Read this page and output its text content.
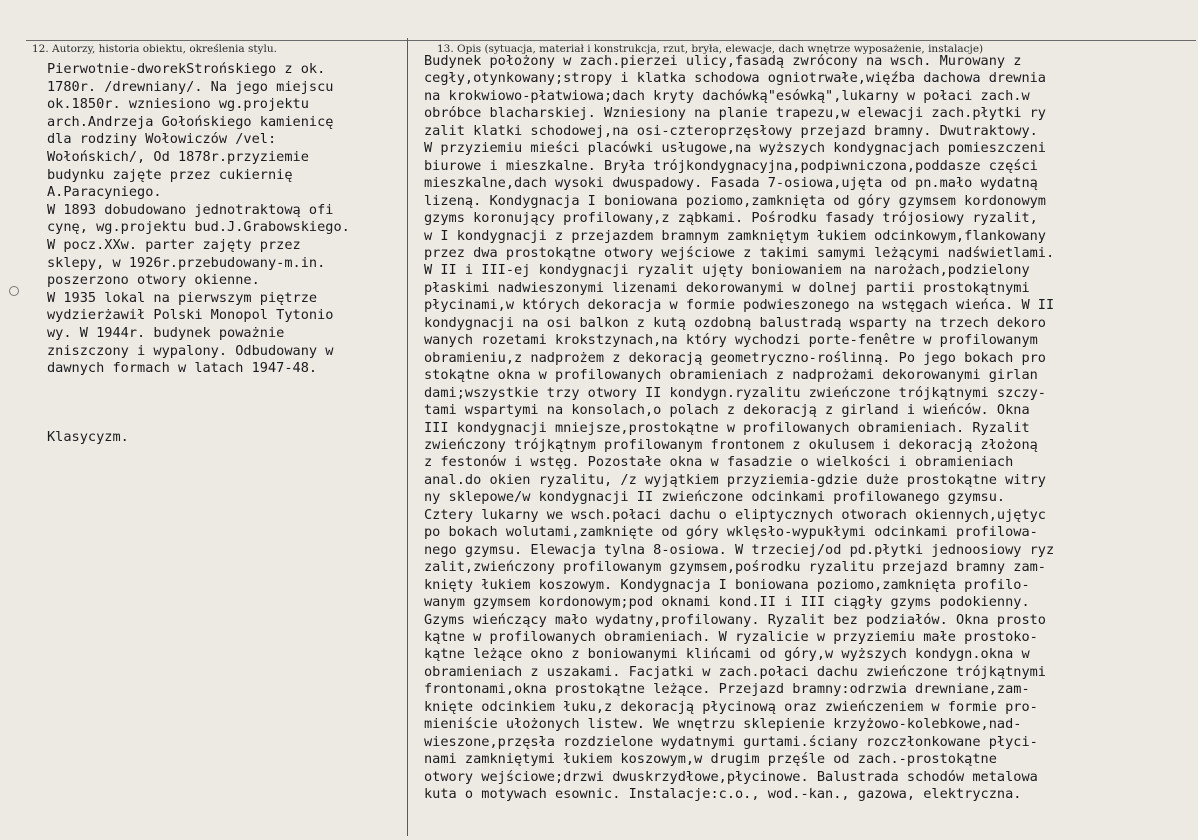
12. Autorzy, historia obiektu, określenia stylu.	13. Opis (sytuacja, materiał i konstrukcja, rzut, bryła, elewacje, dach wnętrze wyposażenie, instalacje)
Pierwotnie-dworekStrońskiego z ok.
1780r. /drewniany/. Na jego miejscu
ok.1850r. wzniesiono wg.projektu
arch.Andrzeja Gołońskiego kamienicę
dla rodziny Wołowiczów /vel:
Wołońskich/, Od 1878r.przyziemie
budynku zajęte przez cukiernię
A.Paracyniego.
W 1893 dobudowano jednotraktową ofi
cynę, wg.projektu bud.J.Grabowskiego.
W pocz.XXw. parter zajęty przez
sklepy, w 1926r.przebudowany-m.in.
poszerzono otwory okienne.
W 1935 lokal na pierwszym piętrze
wydzierżawił Polski Monopol Tytonio
wy. W 1944r. budynek poważnie
zniszczony i wypalony. Odbudowany w
dawnych formach w latach 1947-48.
Klasycyzm.
Budynek położony w zach.pierzei ulicy,fasadą zwrócony na wsch. Murowany z
cegły,otynkowany;stropy i klatka schodowa ogniotrwałe,więźba dachowa drewnia
na krokwiowo-płatwiowa;dach kryty dachówką"esówką",lukarny w połaci zach.w
obróbce blacharskiej. Wzniesiony na planie trapezu,w elewacji zach.płytki ry
zalit klatki schodowej,na osi-czteroprzęsłowy przejazd bramny. Dwutraktowy.
W przyziemiu mieści placówki usługowe,na wyższych kondygnacjach pomieszczeni
biurowe i mieszkalne. Bryła trójkondygnacyjna,podpiwniczona,poddasze części
mieszkalne,dach wysoki dwuspadowy. Fasada 7-osiowa,ujęta od pn.mało wydatną
lizeną. Kondygnacja I boniowana poziomo,zamknięta od góry gzymsem kordonowym
gzyms koronujący profilowany,z ząbkami. Pośrodku fasady trójosiowy ryzalit,
w I kondygnacji z przejazdem bramnym zamkniętym łukiem odcinkowym,flankowany
przez dwa prostokątne otwory wejściowe z takimi samymi leżącymi nadświetlami.
W II i III-ej kondygnacji ryzalit ujęty boniowaniem na narożach,podzielony
płaskimi nadwieszonymi lizenami dekorowanymi w dolnej partii prostokątnymi
płycinami,w których dekoracja w formie podwieszonego na wstęgach wieńca. W II
kondygnacji na osi balkon z kutą ozdobną balustradą wsparty na trzech dekoro
wanych rozetami krokstzynach,na który wychodzi porte-fenêtre w profilowanym
obramieniu,z nadprożem z dekoracją geometryczno-roślinną. Po jego bokach pro
stokątne okna w profilowanych obramieniach z nadprożami dekorowanymi girlan
dami;wszystkie trzy otwory II kondygn.ryzalitu zwieńczone trójkątnymi szczy-
tami wspartymi na konsolach,o polach z dekoracją z girland i wieńców. Okna
III kondygnacji mniejsze,prostokątne w profilowanych obramieniach. Ryzalit
zwieńczony trójkątnym profilowanym frontonem z okulusem i dekoracją złożoną
z festonów i wstęg. Pozostałe okna w fasadzie o wielkości i obramieniach
anal.do okien ryzalitu, /z wyjątkiem przyziemia-gdzie duże prostokątne witry
ny sklepowe/w kondygnacji II zwieńczone odcinkami profilowanego gzymsu.
Cztery lukarny we wsch.połaci dachu o eliptycznych otworach okiennych,ujętyc
po bokach wolutami,zamknięte od góry wklęsło-wypukłymi odcinkami profilowa-
nego gzymsu. Elewacja tylna 8-osiowa. W trzeciej/od pd.płytki jednoosiowy ryz
zalit,zwieńczony profilowanym gzymsem,pośrodku ryzalitu przejazd bramny zam-
knięty łukiem koszowym. Kondygnacja I boniowana poziomo,zamknięta profilo-
wanym gzymsem kordonowym;pod oknami kond.II i III ciągły gzyms podokienny.
Gzyms wieńczący mało wydatny,profilowany. Ryzalit bez podziałów. Okna prosto
kątne w profilowanych obramieniach. W ryzalicie w przyziemiu małe prostoko-
kątne leżące okno z boniowanymi klińcami od góry,w wyższych kondygn.okna w
obramieniach z uszakami. Facjatki w zach.połaci dachu zwieńczone trójkątnymi
frontonami,okna prostokątne leżące. Przejazd bramny:odrzwia drewniane,zam-
knięte odcinkiem łuku,z dekoracją płycinową oraz zwieńczeniem w formie pro-
mieniście ułożonych listew. We wnętrzu sklepienie krzyżowo-kolebkowe,nad-
wieszone,przęsła rozdzielone wydatnymi gurtami.ściany rozczłonkowane płyci-
nami zamkniętymi łukiem koszowym,w drugim przęśle od zach.-prostokątne
otwory wejściowe;drzwi dwuskrzydłowe,płycinowe. Balustrada schodów metalowa
kuta o motywach esownic. Instalacje:c.o., wod.-kan., gazowa, elektryczna.
